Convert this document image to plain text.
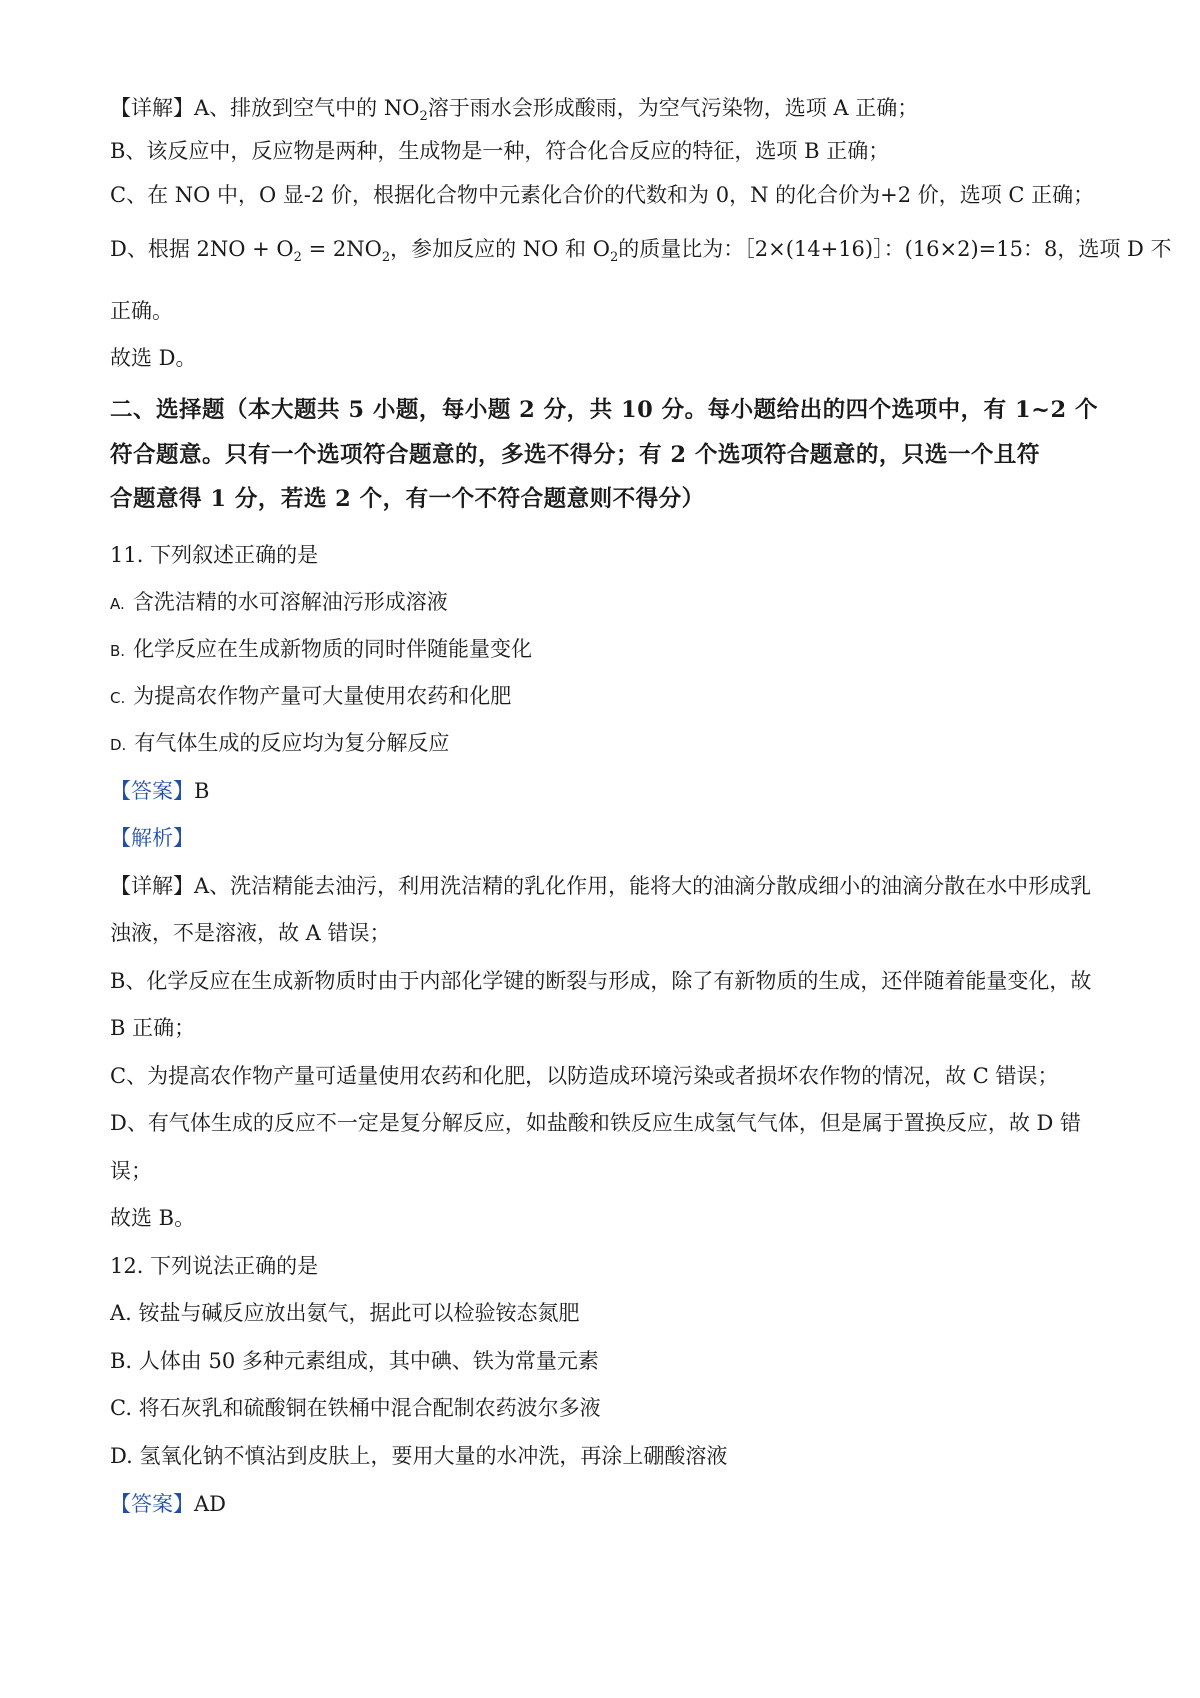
【详解】A、排放到空气中的 $NO_2$溶于雨水会形成酸雨，为空气污染物，选项 A 正确；
B、该反应中，反应物是两种，生成物是一种，符合化合反应的特征，选项 B 正确；
C、在 NO 中，O 显-2 价，根据化合物中元素化合价的代数和为 0，N 的化合价为+2 价，选项 C 正确；
D、根据 $2NO + O_2 = 2NO_2$，参加反应的 NO 和 $O_2$的质量比为：［2×(14+16)］：(16×2)=15：8，选项 D 不
正确。
故选 D。
二、选择题（本大题共 5 小题，每小题 2 分，共 10 分。每小题给出的四个选项中，有 1~2 个
符合题意。只有一个选项符合题意的，多选不得分；有 2 个选项符合题意的，只选一个且符
合题意得 1 分，若选 2 个，有一个不符合题意则不得分）
11. 下列叙述正确的是
A. 含洗洁精的水可溶解油污形成溶液
B. 化学反应在生成新物质的同时伴随能量变化
C. 为提高农作物产量可大量使用农药和化肥
D. 有气体生成的反应均为复分解反应
【答案】B
【解析】
【详解】A、洗洁精能去油污，利用洗洁精的乳化作用，能将大的油滴分散成细小的油滴分散在水中形成乳
浊液，不是溶液，故 A 错误；
B、化学反应在生成新物质时由于内部化学键的断裂与形成，除了有新物质的生成，还伴随着能量变化，故
B 正确；
C、为提高农作物产量可适量使用农药和化肥，以防造成环境污染或者损坏农作物的情况，故 C 错误；
D、有气体生成的反应不一定是复分解反应，如盐酸和铁反应生成氢气气体，但是属于置换反应，故 D 错
误；
故选 B。
12. 下列说法正确的是
A. 铵盐与碱反应放出氨气，据此可以检验铵态氮肥
B. 人体由 50 多种元素组成，其中碘、铁为常量元素
C. 将石灰乳和硫酸铜在铁桶中混合配制农药波尔多液
D. 氢氧化钠不慎沾到皮肤上，要用大量的水冲洗，再涂上硼酸溶液
【答案】AD
